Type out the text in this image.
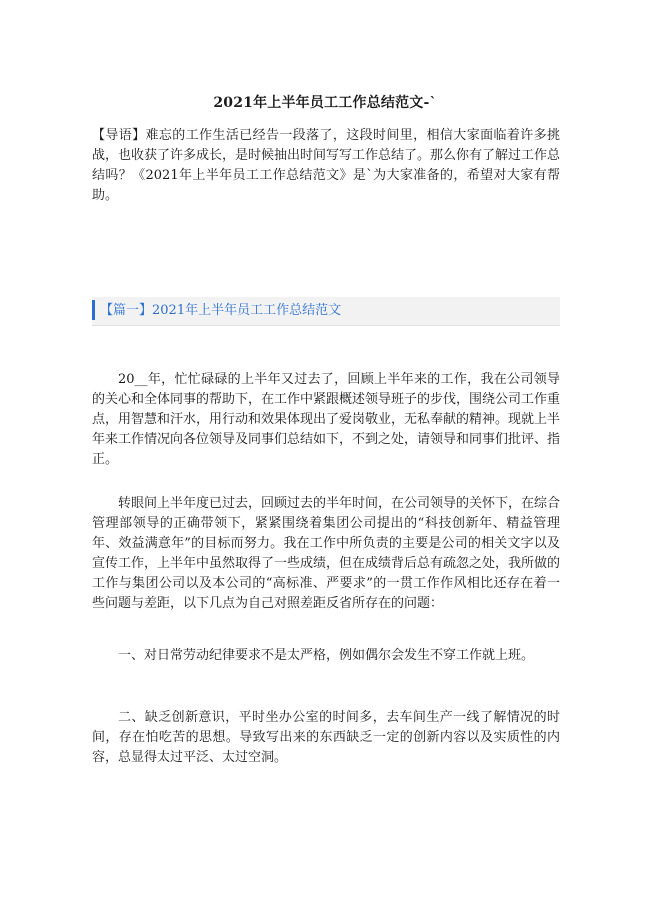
2021年上半年员工工作总结范文-`

【导语】难忘的工作生活已经告一段落了，这段时间里，相信大家面临着许多挑战，也收获了许多成长，是时候抽出时间写写工作总结了。那么你有了解过工作总结吗？《2021年上半年员工工作总结范文》是`为大家准备的，希望对大家有帮助。

【篇一】2021年上半年员工工作总结范文

20__年，忙忙碌碌的上半年又过去了，回顾上半年来的工作，我在公司领导的关心和全体同事的帮助下，在工作中紧跟概述领导班子的步伐，围绕公司工作重点，用智慧和汗水，用行动和效果体现出了爱岗敬业，无私奉献的精神。现就上半年来工作情况向各位领导及同事们总结如下，不到之处，请领导和同事们批评、指正。

转眼间上半年度已过去，回顾过去的半年时间，在公司领导的关怀下，在综合管理部领导的正确带领下，紧紧围绕着集团公司提出的“科技创新年、精益管理年、效益满意年”的目标而努力。我在工作中所负责的主要是公司的相关文字以及宣传工作，上半年中虽然取得了一些成绩，但在成绩背后总有疏忽之处，我所做的工作与集团公司以及本公司的“高标准、严要求”的一贯工作作风相比还存在着一些问题与差距，以下几点为自己对照差距反省所存在的问题：

一、对日常劳动纪律要求不是太严格，例如偶尔会发生不穿工作就上班。

二、缺乏创新意识，平时坐办公室的时间多，去车间生产一线了解情况的时间，存在怕吃苦的思想。导致写出来的东西缺乏一定的创新内容以及实质性的内容，总显得太过平泛、太过空洞。
